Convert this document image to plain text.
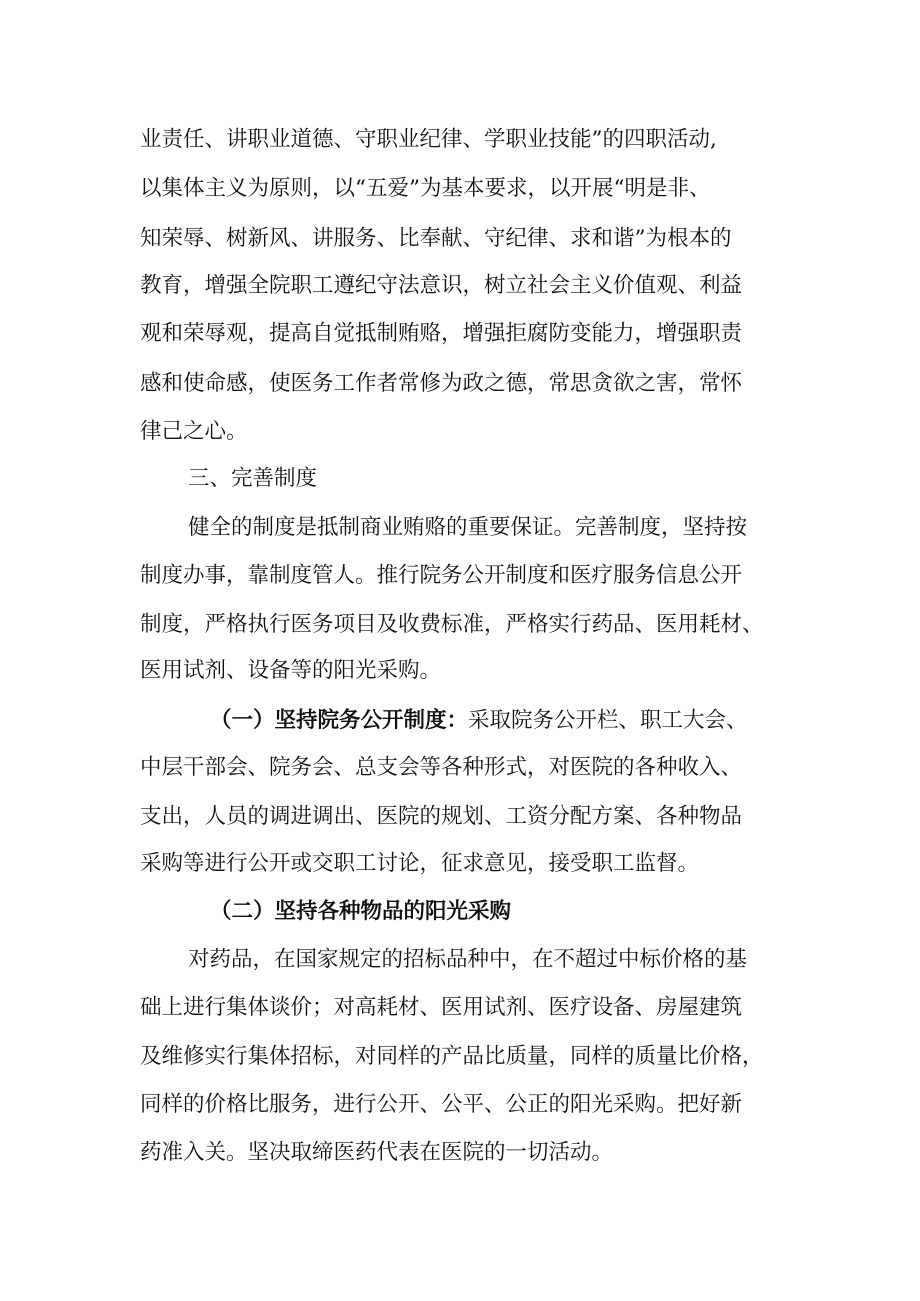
业责任、讲职业道德、守职业纪律、学职业技能”的四职活动,
以集体主义为原则，以“五爱”为基本要求，以开展“明是非、
知荣辱、树新风、讲服务、比奉献、守纪律、求和谐”为根本的
教育，增强全院职工遵纪守法意识，树立社会主义价值观、利益
观和荣辱观，提高自觉抵制贿赂，增强拒腐防变能力，增强职责
感和使命感，使医务工作者常修为政之德，常思贪欲之害，常怀
律己之心。
三、完善制度
健全的制度是抵制商业贿赂的重要保证。完善制度，坚持按
制度办事，靠制度管人。推行院务公开制度和医疗服务信息公开
制度，严格执行医务项目及收费标准，严格实行药品、医用耗材、
医用试剂、设备等的阳光采购。
（一）坚持院务公开制度：采取院务公开栏、职工大会、
中层干部会、院务会、总支会等各种形式，对医院的各种收入、
支出，人员的调进调出、医院的规划、工资分配方案、各种物品
采购等进行公开或交职工讨论，征求意见，接受职工监督。
（二）坚持各种物品的阳光采购
对药品，在国家规定的招标品种中，在不超过中标价格的基
础上进行集体谈价；对高耗材、医用试剂、医疗设备、房屋建筑
及维修实行集体招标，对同样的产品比质量，同样的质量比价格，
同样的价格比服务，进行公开、公平、公正的阳光采购。把好新
药准入关。坚决取缔医药代表在医院的一切活动。
